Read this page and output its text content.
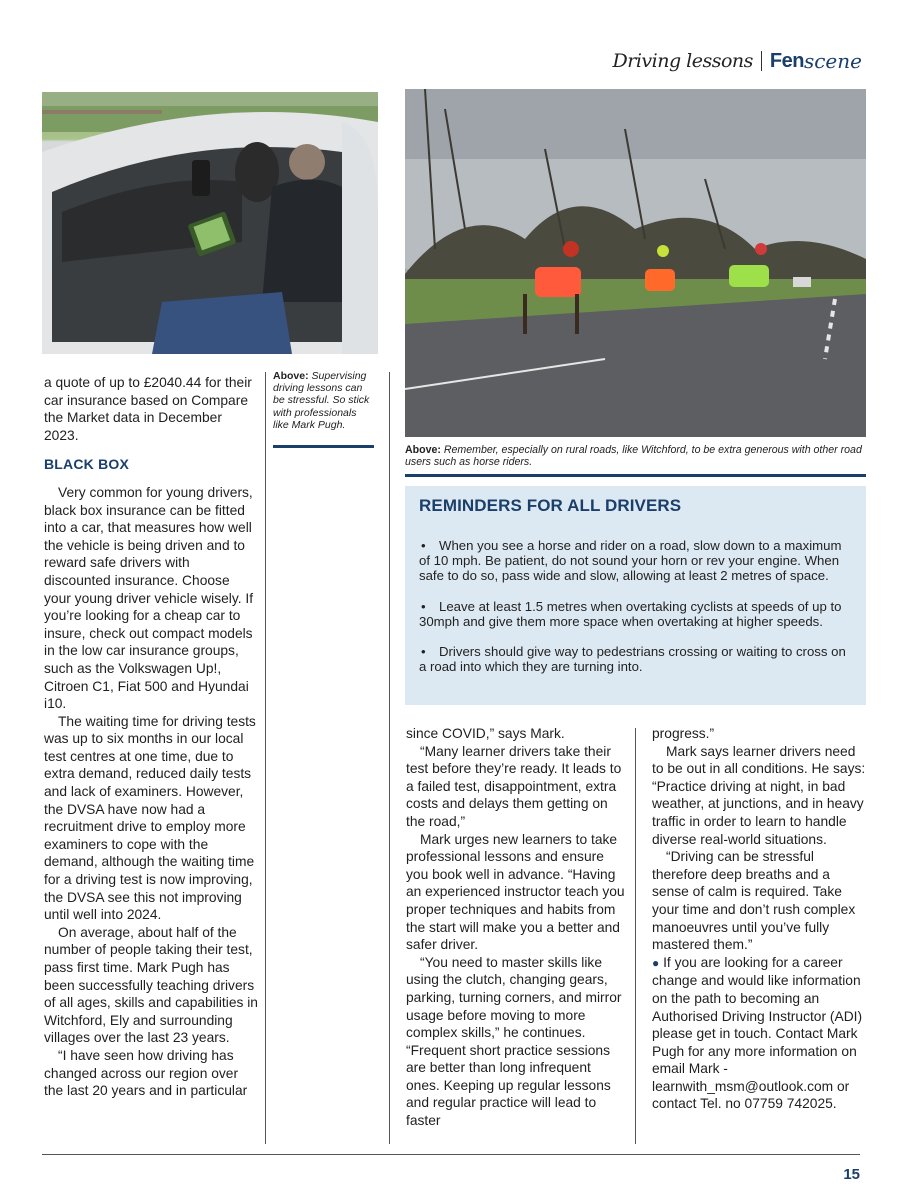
Driving lessons Fen scene
Above: Supervising driving lessons can be stressful. So stick with professionals like Mark Pugh.
Above: Remember, especially on rural roads, like Witchford, to be extra generous with other road users such as horse riders.

a quote of up to £2040.44 for their car insurance based on Compare the Market data in December 2023.

BLACK BOX

Very common for young drivers, black box insurance can be fitted into a car, that measures how well the vehicle is being driven and to reward safe drivers with discounted insurance. Choose your young driver vehicle wisely. If you’re looking for a cheap car to insure, check out compact models in the low car insurance groups, such as the Volkswagen Up!, Citroen C1, Fiat 500 and Hyundai i10.

The waiting time for driving tests was up to six months in our local test centres at one time, due to extra demand, reduced daily tests and lack of examiners. However, the DVSA have now had a recruitment drive to employ more examiners to cope with the demand, although the waiting time for a driving test is now improving, the DVSA see this not improving until well into 2024.

On average, about half of the number of people taking their test, pass first time. Mark Pugh has been successfully teaching drivers of all ages, skills and capabilities in Witchford, Ely and surrounding villages over the last 23 years.

“I have seen how driving has changed across our region over the last 20 years and in particular

REMINDERS FOR ALL DRIVERS
• When you see a horse and rider on a road, slow down to a maximum of 10 mph. Be patient, do not sound your horn or rev your engine. When safe to do so, pass wide and slow, allowing at least 2 metres of space.
• Leave at least 1.5 metres when overtaking cyclists at speeds of up to 30mph and give them more space when overtaking at higher speeds.
• Drivers should give way to pedestrians crossing or waiting to cross on a road into which they are turning into.

since COVID,” says Mark.

“Many learner drivers take their test before they’re ready. It leads to a failed test, disappointment, extra costs and delays them getting on the road,”

Mark urges new learners to take professional lessons and ensure you book well in advance. “Having an experienced instructor teach you proper techniques and habits from the start will make you a better and safer driver.

“You need to master skills like using the clutch, changing gears, parking, turning corners, and mirror usage before moving to more complex skills,” he continues. “Frequent short practice sessions are better than long infrequent ones. Keeping up regular lessons and regular practice will lead to faster

progress.”

Mark says learner drivers need to be out in all conditions. He says: “Practice driving at night, in bad weather, at junctions, and in heavy traffic in order to learn to handle diverse real-world situations.

“Driving can be stressful therefore deep breaths and a sense of calm is required. Take your time and don’t rush complex manoeuvres until you’ve fully mastered them.”

● If you are looking for a career change and would like information on the path to becoming an Authorised Driving Instructor (ADI) please get in touch. Contact Mark Pugh for any more information on email Mark - learnwith_msm@outlook.com or contact Tel. no 07759 742025.

15
